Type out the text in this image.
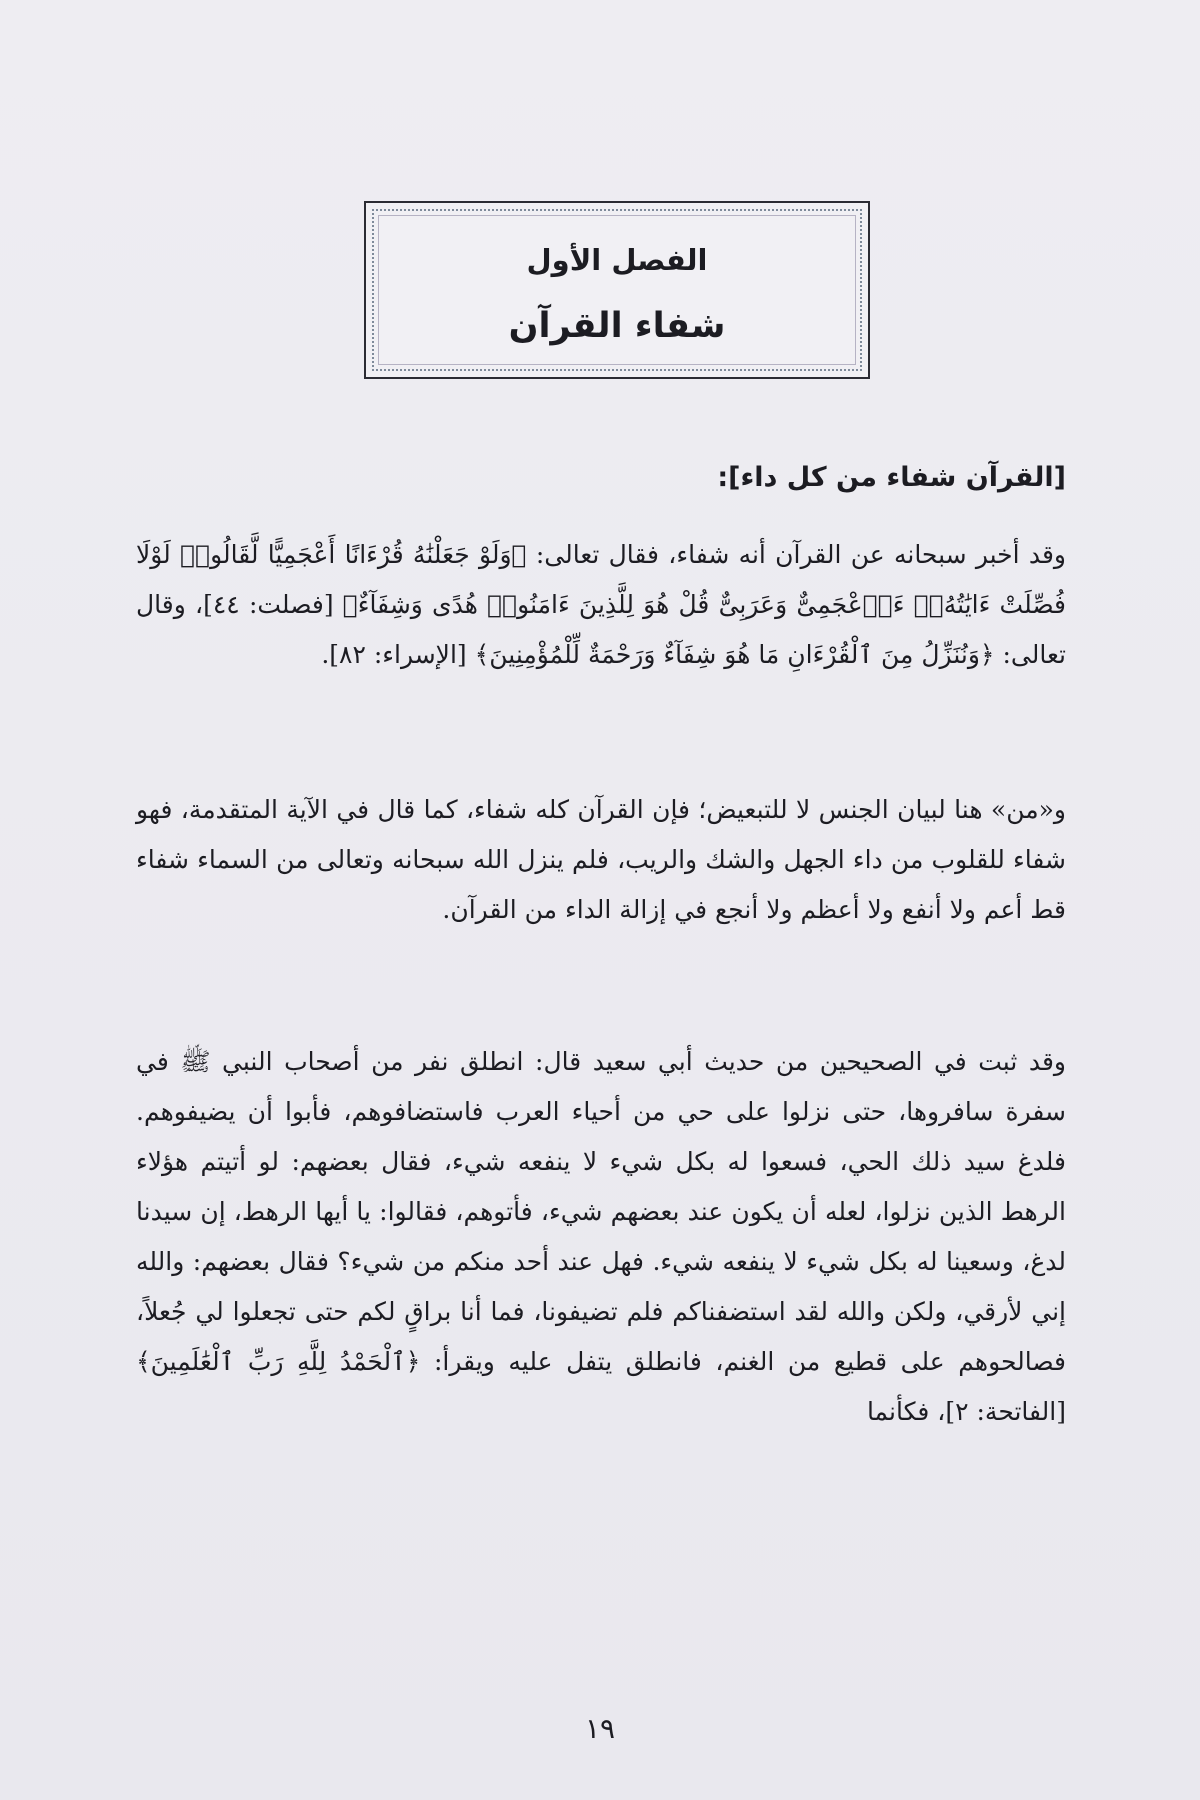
الفصل الأول
شفاء القرآن
[القرآن شفاء من كل داء]:
وقد أخبر سبحانه عن القرآن أنه شفاء، فقال تعالى: ﴿وَلَوْ جَعَلْنَٰهُ قُرْءَانًا أَعْجَمِيًّا لَّقَالُوا۟ لَوْلَا فُصِّلَتْ ءَايَٰتُهُۥٓ ءَا۬عْجَمِىٌّ وَعَرَبِىٌّ قُلْ هُوَ لِلَّذِينَ ءَامَنُوا۟ هُدًى وَشِفَآءٌ﴾ [فصلت: ٤٤]، وقال تعالى: ﴿وَنُنَزِّلُ مِنَ ٱلْقُرْءَانِ مَا هُوَ شِفَآءٌ وَرَحْمَةٌ لِّلْمُؤْمِنِينَ﴾ [الإسراء: ٨٢].
و«من» هنا لبيان الجنس لا للتبعيض؛ فإن القرآن كله شفاء، كما قال في الآية المتقدمة، فهو شفاء للقلوب من داء الجهل والشك والريب، فلم ينزل الله سبحانه وتعالى من السماء شفاء قط أعم ولا أنفع ولا أعظم ولا أنجع في إزالة الداء من القرآن.
وقد ثبت في الصحيحين من حديث أبي سعيد قال: انطلق نفر من أصحاب النبي ﷺ في سفرة سافروها، حتى نزلوا على حي من أحياء العرب فاستضافوهم، فأبوا أن يضيفوهم. فلدغ سيد ذلك الحي، فسعوا له بكل شيء لا ينفعه شيء، فقال بعضهم: لو أتيتم هؤلاء الرهط الذين نزلوا، لعله أن يكون عند بعضهم شيء، فأتوهم، فقالوا: يا أيها الرهط، إن سيدنا لدغ، وسعينا له بكل شيء لا ينفعه شيء. فهل عند أحد منكم من شيء؟ فقال بعضهم: والله إني لأرقي، ولكن والله لقد استضفناكم فلم تضيفونا، فما أنا براقٍ لكم حتى تجعلوا لي جُعلاً، فصالحوهم على قطيع من الغنم، فانطلق يتفل عليه ويقرأ: ﴿ٱلْحَمْدُ لِلَّهِ رَبِّ ٱلْعَٰلَمِينَ﴾ [الفاتحة: ٢]، فكأنما
١٩
